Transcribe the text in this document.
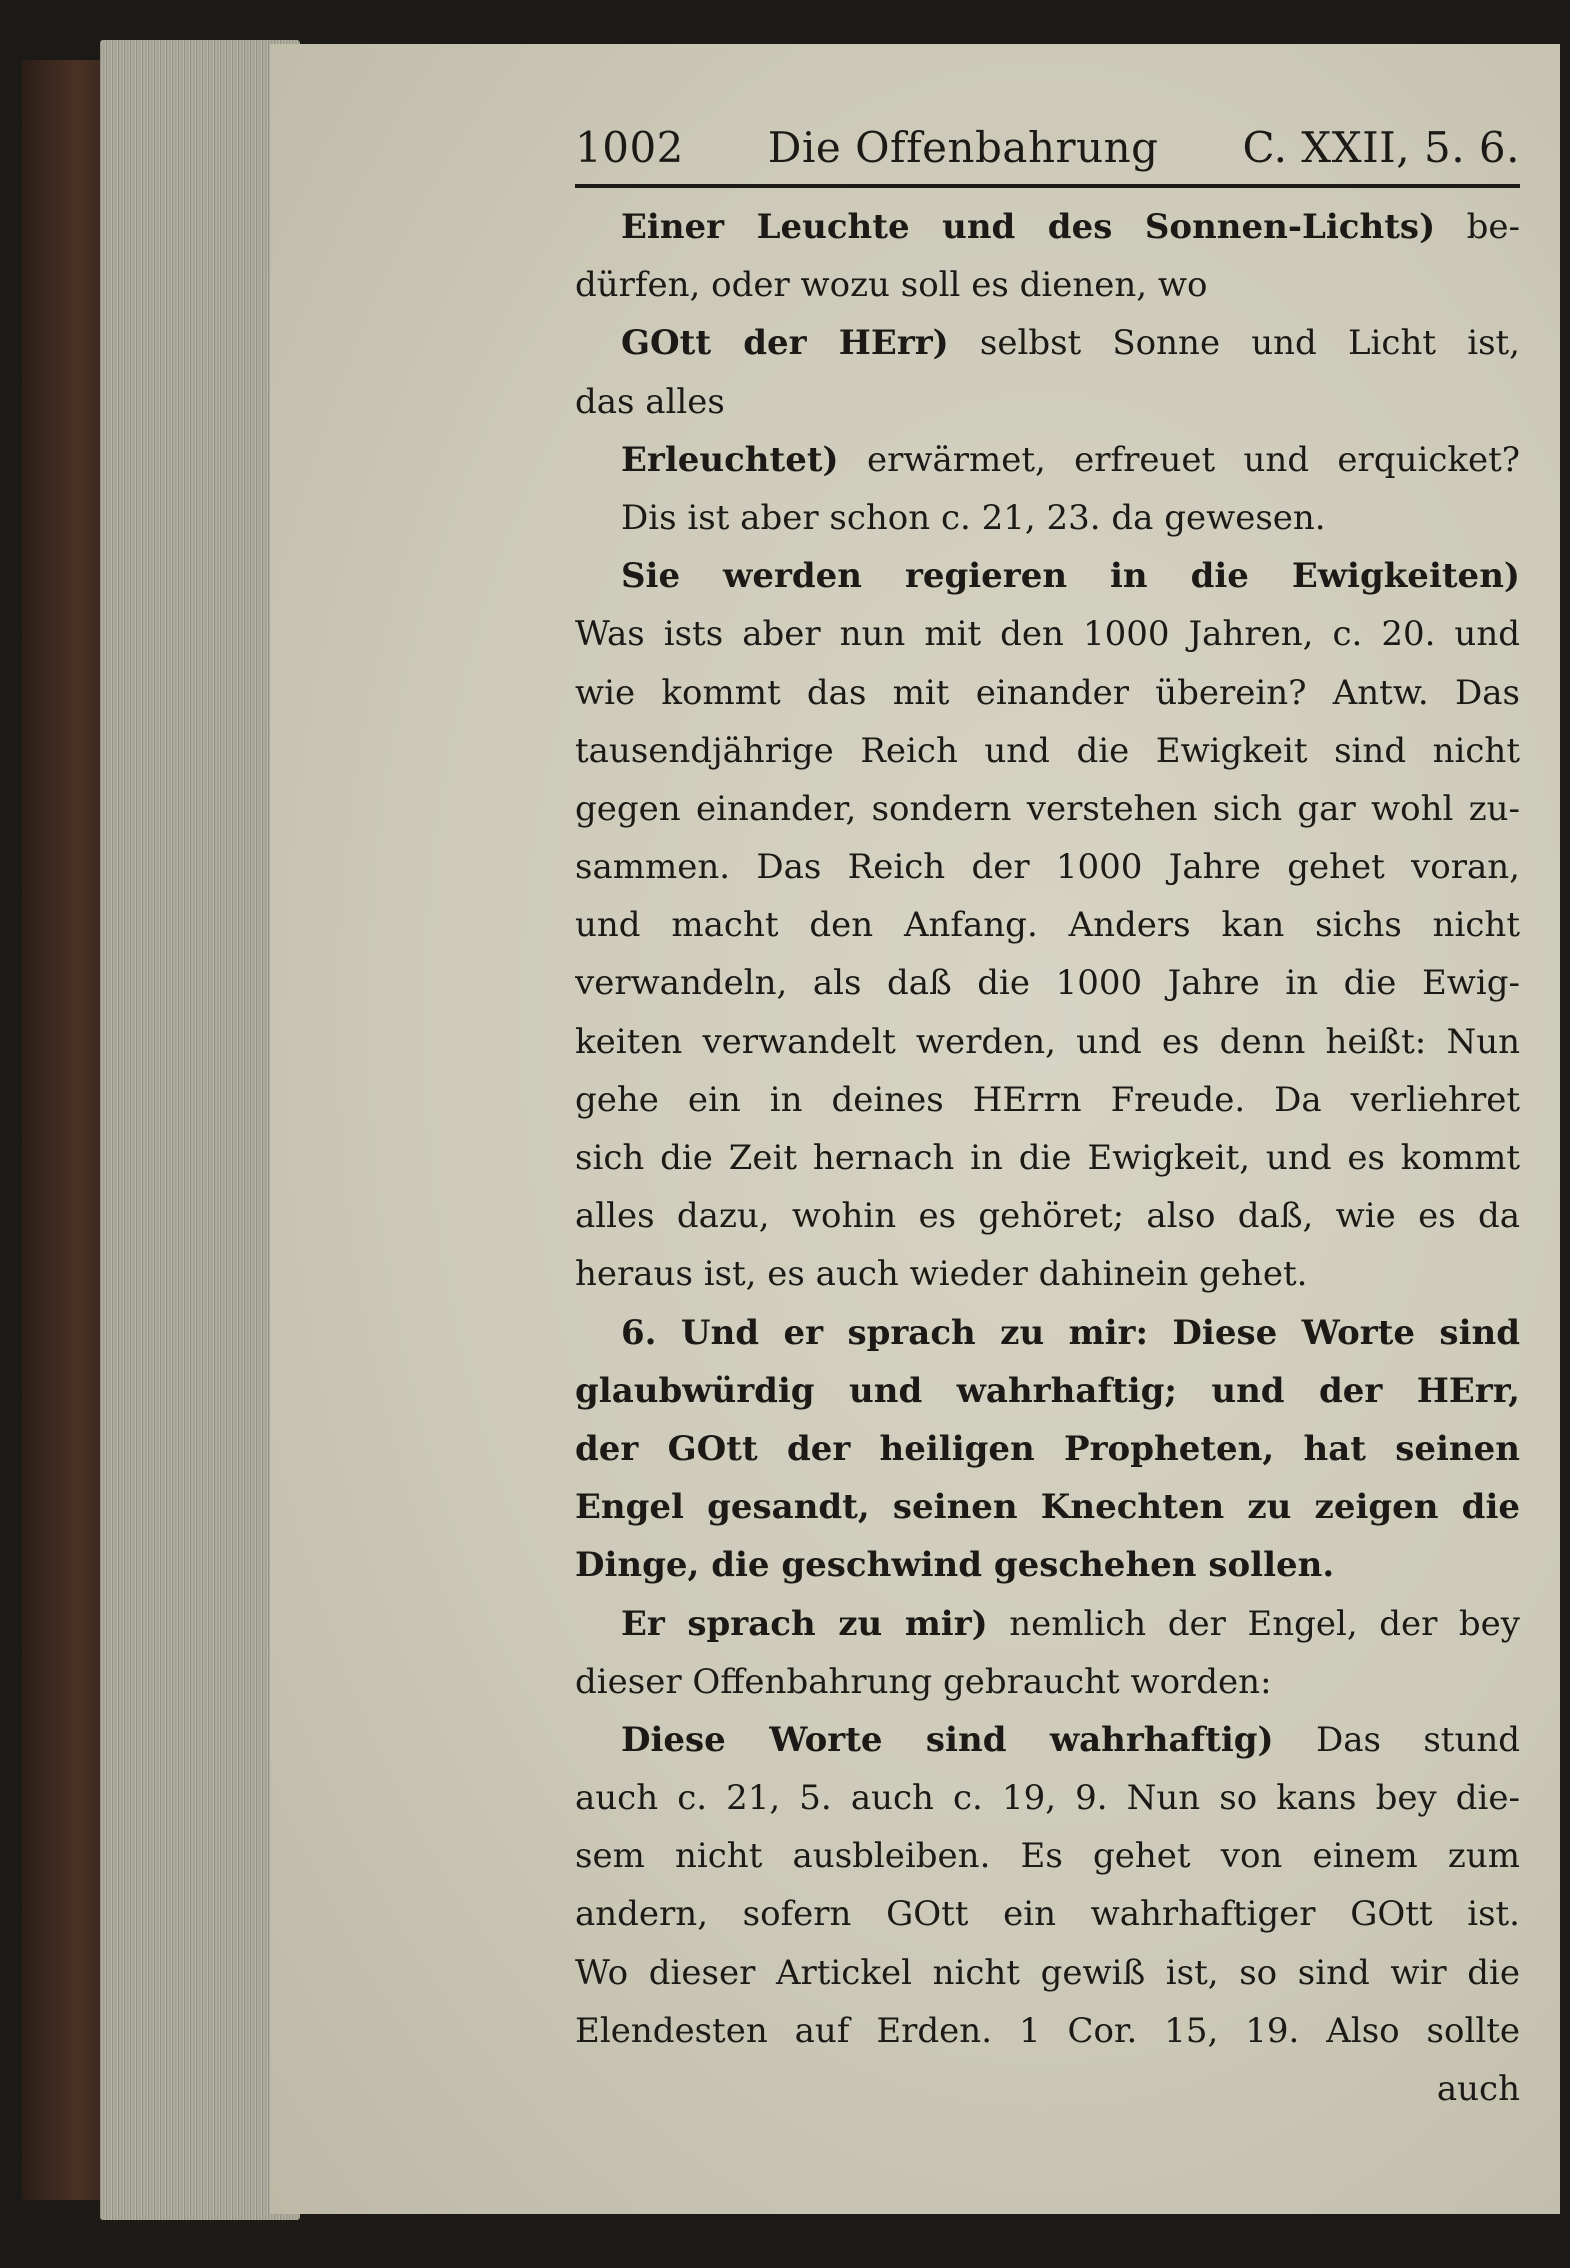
1002 Die Offenbahrung C. XXII, 5. 6.
Einer Leuchte und des Sonnen-Lichts) be-
dürfen, oder wozu soll es dienen, wo
GOtt der HErr) selbst Sonne und Licht ist,
das alles
Erleuchtet) erwärmet, erfreuet und erquicket?
Dis ist aber schon c. 21, 23. da gewesen.
Sie werden regieren in die Ewigkeiten)
Was ists aber nun mit den 1000 Jahren, c. 20. und
wie kommt das mit einander überein? Antw. Das
tausendjährige Reich und die Ewigkeit sind nicht
gegen einander, sondern verstehen sich gar wohl zu-
sammen. Das Reich der 1000 Jahre gehet voran,
und macht den Anfang. Anders kan sichs nicht
verwandeln, als daß die 1000 Jahre in die Ewig-
keiten verwandelt werden, und es denn heißt: Nun
gehe ein in deines HErrn Freude. Da verliehret
sich die Zeit hernach in die Ewigkeit, und es kommt
alles dazu, wohin es gehöret; also daß, wie es da
heraus ist, es auch wieder dahinein gehet.
6. Und er sprach zu mir: Diese Worte sind
glaubwürdig und wahrhaftig; und der HErr,
der GOtt der heiligen Propheten, hat seinen
Engel gesandt, seinen Knechten zu zeigen die
Dinge, die geschwind geschehen sollen.
Er sprach zu mir) nemlich der Engel, der bey
dieser Offenbahrung gebraucht worden:
Diese Worte sind wahrhaftig) Das stund
auch c. 21, 5. auch c. 19, 9. Nun so kans bey die-
sem nicht ausbleiben. Es gehet von einem zum
andern, sofern GOtt ein wahrhaftiger GOtt ist.
Wo dieser Artickel nicht gewiß ist, so sind wir die
Elendesten auf Erden. 1 Cor. 15, 19. Also sollte
auch
